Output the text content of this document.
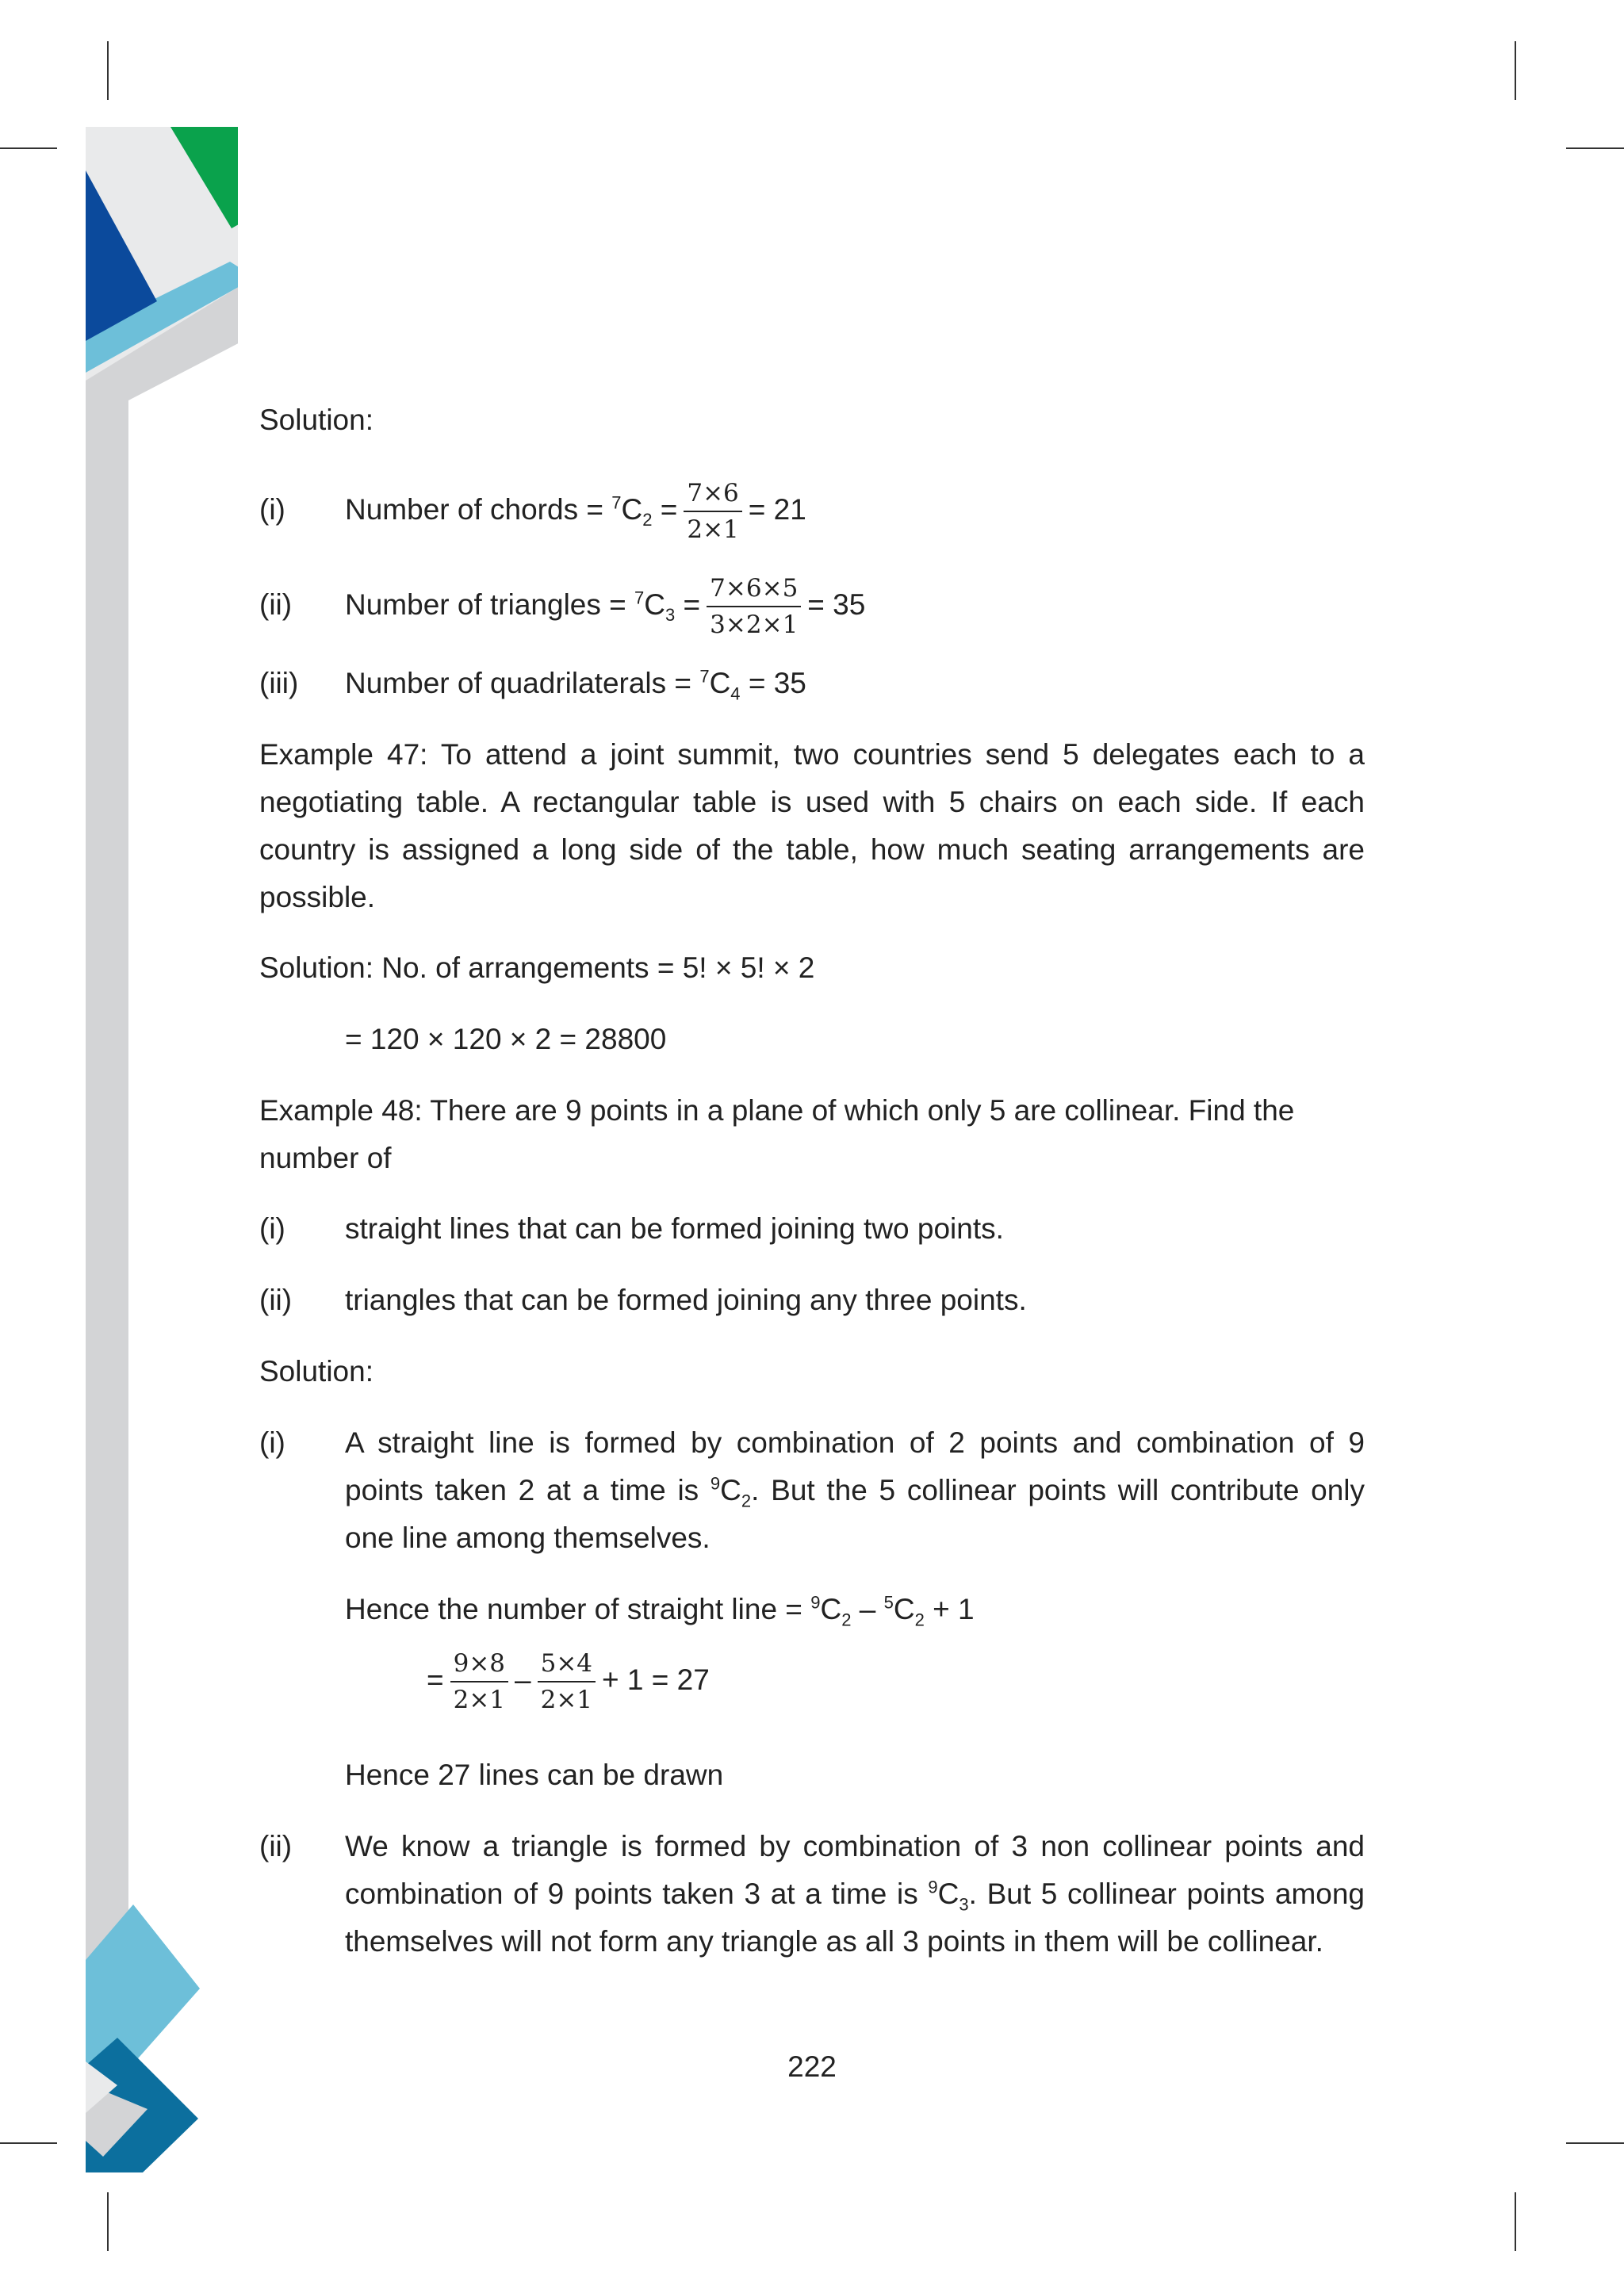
Solution:
(i) Number of chords = $^7C_2 = \frac{7\times 6}{2\times 1} = 21$
(ii) Number of triangles = $^7C_3 = \frac{7\times 6\times 5}{3\times 2\times 1} = 35$
(iii) Number of quadrilaterals = $^7C_4 = 35$
Example 47: To attend a joint summit, two countries send 5 delegates each to a negotiating table. A rectangular table is used with 5 chairs on each side. If each country is assigned a long side of the table, how much seating arrangements are possible.
Solution: No. of arrangements = 5! × 5! × 2
= 120 × 120 × 2 = 28800
Example 48: There are 9 points in a plane of which only 5 are collinear. Find the number of
(i) straight lines that can be formed joining two points.
(ii) triangles that can be formed joining any three points.
Solution:
(i) A straight line is formed by combination of 2 points and combination of 9 points taken 2 at a time is $^9C_2$. But the 5 collinear points will contribute only one line among themselves.
Hence the number of straight line = $^9C_2 - ^5C_2 + 1$
= $\frac{9\times 8}{2\times 1} - \frac{5\times 4}{2\times 1} + 1 = 27$
Hence 27 lines can be drawn
(ii) We know a triangle is formed by combination of 3 non collinear points and combination of 9 points taken 3 at a time is $^9C_3$. But 5 collinear points among themselves will not form any triangle as all 3 points in them will be collinear.
222
